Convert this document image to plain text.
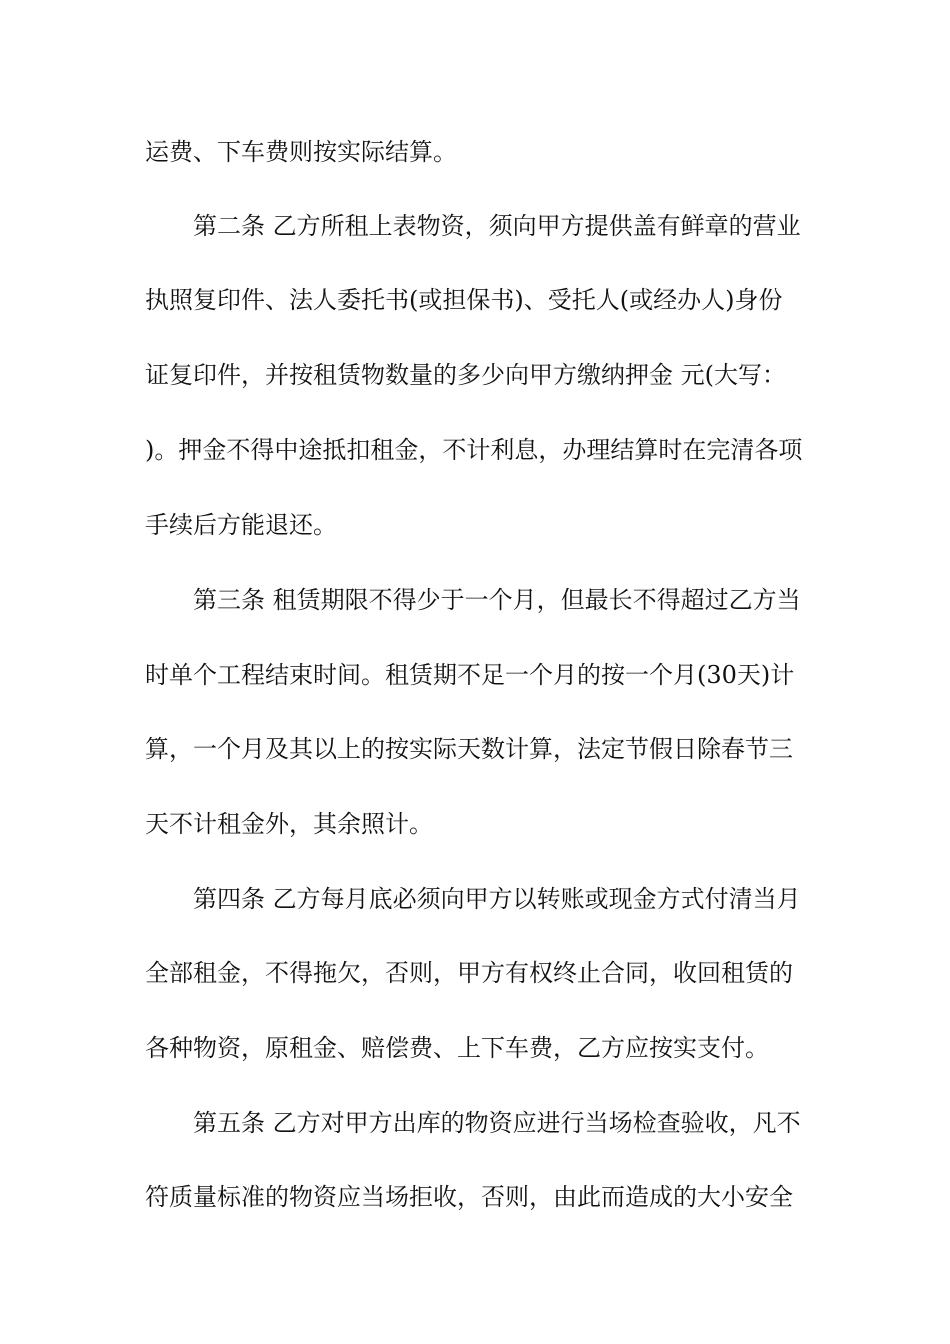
运费、下车费则按实际结算。
第二条 乙方所租上表物资，须向甲方提供盖有鲜章的营业
执照复印件、法人委托书(或担保书)、受托人(或经办人)身份
证复印件，并按租赁物数量的多少向甲方缴纳押金 元(大写：
)。押金不得中途抵扣租金，不计利息，办理结算时在完清各项
手续后方能退还。
第三条 租赁期限不得少于一个月，但最长不得超过乙方当
时单个工程结束时间。租赁期不足一个月的按一个月(30天)计
算，一个月及其以上的按实际天数计算，法定节假日除春节三
天不计租金外，其余照计。
第四条 乙方每月底必须向甲方以转账或现金方式付清当月
全部租金，不得拖欠，否则，甲方有权终止合同，收回租赁的
各种物资，原租金、赔偿费、上下车费，乙方应按实支付。
第五条 乙方对甲方出库的物资应进行当场检查验收，凡不
符质量标准的物资应当场拒收，否则，由此而造成的大小安全
